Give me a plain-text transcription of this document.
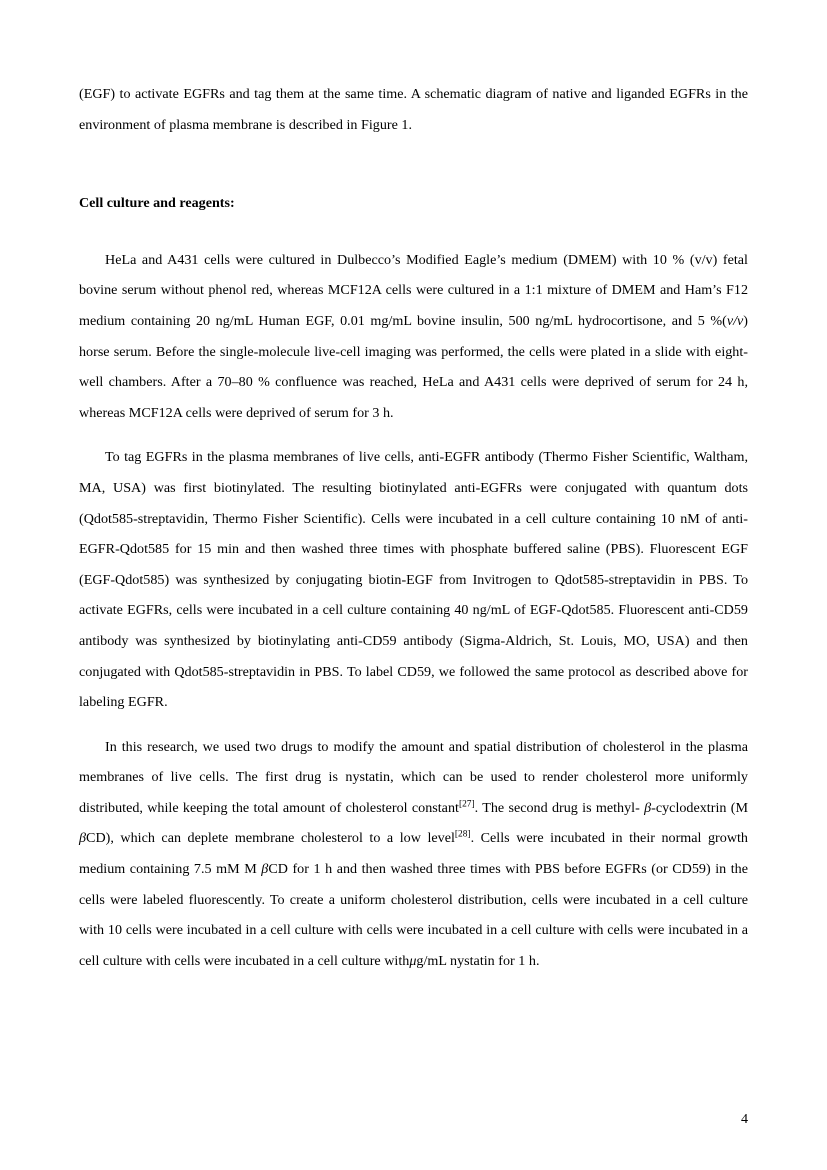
(EGF) to activate EGFRs and tag them at the same time. A schematic diagram of native and liganded EGFRs in the environment of plasma membrane is described in Figure 1.

Cell culture and reagents:

HeLa and A431 cells were cultured in Dulbecco’s Modified Eagle’s medium (DMEM) with 10 % (v/v) fetal bovine serum without phenol red, whereas MCF12A cells were cultured in a 1:1 mixture of DMEM and Ham’s F12 medium containing 20 ng/mL Human EGF, 0.01 mg/mL bovine insulin, 500 ng/mL hydrocortisone, and 5 %(v/v) horse serum. Before the single-molecule live-cell imaging was performed, the cells were plated in a slide with eight-well chambers. After a 70–80 % confluence was reached, HeLa and A431 cells were deprived of serum for 24 h, whereas MCF12A cells were deprived of serum for 3 h.

To tag EGFRs in the plasma membranes of live cells, anti-EGFR antibody (Thermo Fisher Scientific, Waltham, MA, USA) was first biotinylated. The resulting biotinylated anti-EGFRs were conjugated with quantum dots (Qdot585-streptavidin, Thermo Fisher Scientific). Cells were incubated in a cell culture containing 10 nM of anti-EGFR-Qdot585 for 15 min and then washed three times with phosphate buffered saline (PBS). Fluorescent EGF (EGF-Qdot585) was synthesized by conjugating biotin-EGF from Invitrogen to Qdot585-streptavidin in PBS. To activate EGFRs, cells were incubated in a cell culture containing 40 ng/mL of EGF-Qdot585. Fluorescent anti-CD59 antibody was synthesized by biotinylating anti-CD59 antibody (Sigma-Aldrich, St. Louis, MO, USA) and then conjugated with Qdot585-streptavidin in PBS. To label CD59, we followed the same protocol as described above for labeling EGFR.

In this research, we used two drugs to modify the amount and spatial distribution of cholesterol in the plasma membranes of live cells. The first drug is nystatin, which can be used to render cholesterol more uniformly distributed, while keeping the total amount of cholesterol constant[27]. The second drug is methyl- β-cyclodextrin (M βCD), which can deplete membrane cholesterol to a low level[28]. Cells were incubated in their normal growth medium containing 7.5 mM M βCD for 1 h and then washed three times with PBS before EGFRs (or CD59) in the cells were labeled fluorescently. To create a uniform cholesterol distribution, cells were incubated in a cell culture with 10 cells were incubated in a cell culture with cells were incubated in a cell culture with cells were incubated in a cell culture with cells were incubated in a cell culture withμg/mL nystatin for 1 h.

4
